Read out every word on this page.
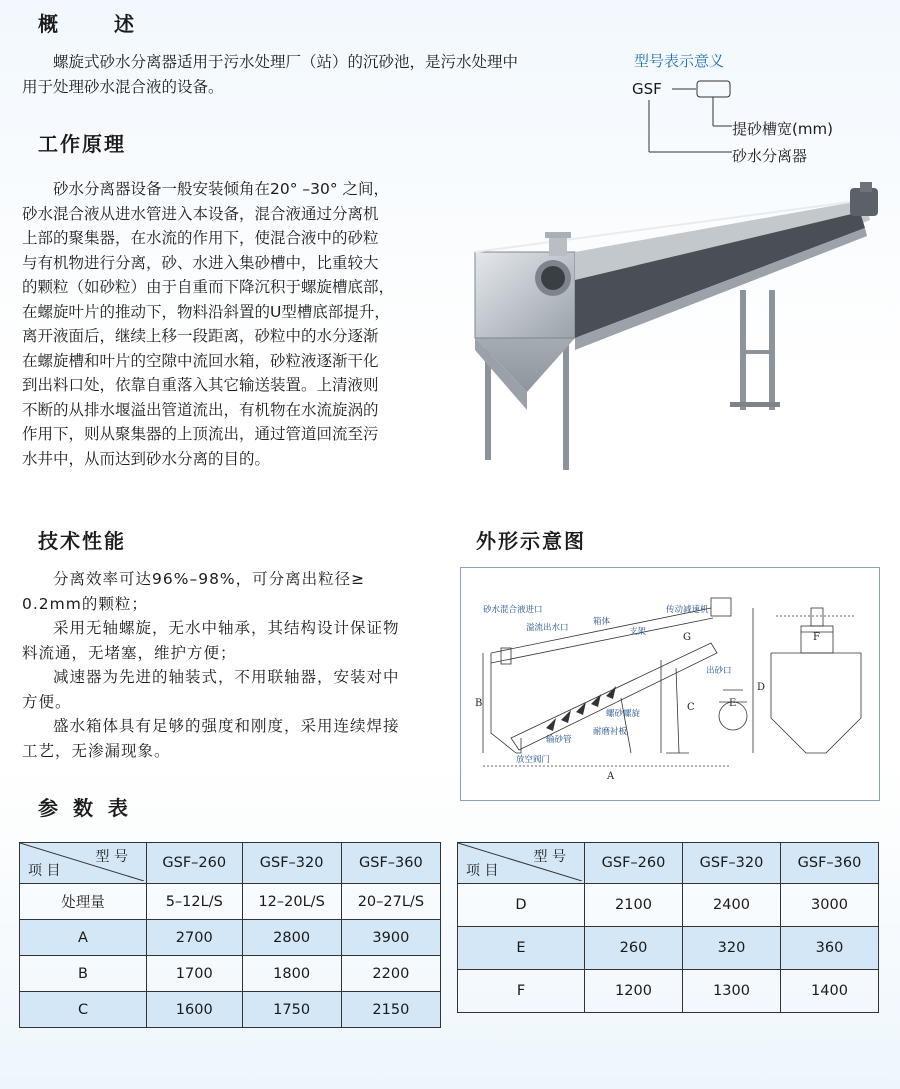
概　述

螺旋式砂水分离器适用于污水处理厂（站）的沉砂池，是污水处理中

用于处理砂水混合液的设备。

型号表示意义
GSF
提砂槽宽(mm)
砂水分离器
工作原理

砂水分离器设备一般安装倾角在20° –30° 之间，

砂水混合液从进水管进入本设备，混合液通过分离机

上部的聚集器，在水流的作用下，使混合液中的砂粒

与有机物进行分离，砂、水进入集砂槽中，比重较大

的颗粒（如砂粒）由于自重而下降沉积于螺旋槽底部，

在螺旋叶片的推动下，物料沿斜置的U型槽底部提升，

离开液面后，继续上移一段距离，砂粒中的水分逐渐

在螺旋槽和叶片的空隙中流回水箱，砂粒液逐渐干化

到出料口处，依靠自重落入其它输送装置。上清液则

不断的从排水堰溢出管道流出，有机物在水流旋涡的

作用下，则从聚集器的上顶流出，通过管道回流至污

水井中，从而达到砂水分离的目的。

技术性能

分离效率可达96%–98%，可分离出粒径≥

0.2mm的颗粒；

采用无轴螺旋，无水中轴承，其结构设计保证物

料流通，无堵塞，维护方便；

减速器为先进的轴装式，不用联轴器，安装对中

方便。

盛水箱体具有足够的强度和刚度，采用连续焊接

工艺，无渗漏现象。

外形示意图
砂水混合液进口
溢流出水口
箱体
支架
传动减速机
出砂口
螺砂螺旋
耐磨衬板
输砂管
放空阀门
A
B	C
D
E
F
G
参 数 表
型 号
项 目	GSF–260	GSF–320	GSF–360
处理量	5–12L/S	12–20L/S	20–27L/S
A	2700	2800	3900
B	1700	1800	2200
C	1600	1750	2150
型 号
项 目	GSF–260	GSF–320	GSF–360
D	2100	2400	3000
E	260	320	360
F	1200	1300	1400
